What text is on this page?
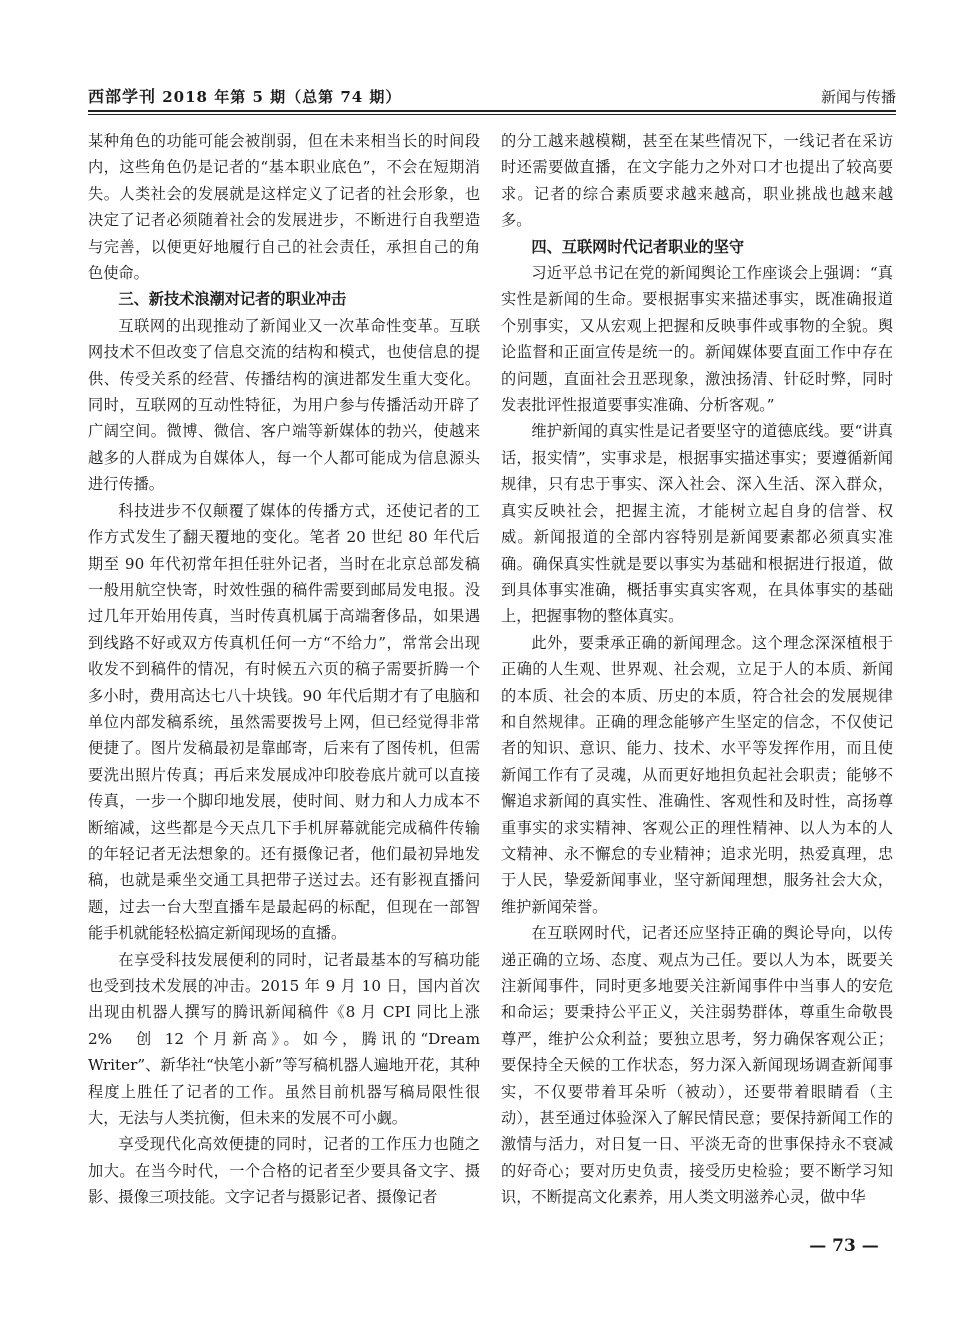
西部学刊 2018 年第 5 期（总第 74 期）	新闻与传播

某种角色的功能可能会被削弱，但在未来相当长的时间段内，这些角色仍是记者的“基本职业底色”，不会在短期消失。人类社会的发展就是这样定义了记者的社会形象，也决定了记者必须随着社会的发展进步，不断进行自我塑造与完善，以便更好地履行自己的社会责任，承担自己的角色使命。

三、新技术浪潮对记者的职业冲击

互联网的出现推动了新闻业又一次革命性变革。互联网技术不但改变了信息交流的结构和模式，也使信息的提供、传受关系的经营、传播结构的演进都发生重大变化。同时，互联网的互动性特征，为用户参与传播活动开辟了广阔空间。微博、微信、客户端等新媒体的勃兴，使越来越多的人群成为自媒体人，每一个人都可能成为信息源头进行传播。

科技进步不仅颠覆了媒体的传播方式，还使记者的工作方式发生了翻天覆地的变化。笔者 20 世纪 80 年代后期至 90 年代初常年担任驻外记者，当时在北京总部发稿一般用航空快寄，时效性强的稿件需要到邮局发电报。没过几年开始用传真，当时传真机属于高端奢侈品，如果遇到线路不好或双方传真机任何一方“不给力”，常常会出现收发不到稿件的情况，有时候五六页的稿子需要折腾一个多小时，费用高达七八十块钱。90 年代后期才有了电脑和单位内部发稿系统，虽然需要拨号上网，但已经觉得非常便捷了。图片发稿最初是靠邮寄，后来有了图传机，但需要洗出照片传真；再后来发展成冲印胶卷底片就可以直接传真，一步一个脚印地发展，使时间、财力和人力成本不断缩减，这些都是今天点几下手机屏幕就能完成稿件传输的年轻记者无法想象的。还有摄像记者，他们最初异地发稿，也就是乘坐交通工具把带子送过去。还有影视直播问题，过去一台大型直播车是最起码的标配，但现在一部智能手机就能轻松搞定新闻现场的直播。

在享受科技发展便利的同时，记者最基本的写稿功能也受到技术发展的冲击。2015 年 9 月 10 日，国内首次出现由机器人撰写的腾讯新闻稿件《8 月 CPI 同比上涨 2%　创 12 个月新高》。如今，腾讯的“Dream Writer”、新华社“快笔小新”等写稿机器人遍地开花，其种程度上胜任了记者的工作。虽然目前机器写稿局限性很大，无法与人类抗衡，但未来的发展不可小觑。

享受现代化高效便捷的同时，记者的工作压力也随之加大。在当今时代，一个合格的记者至少要具备文字、摄影、摄像三项技能。文字记者与摄影记者、摄像记者

的分工越来越模糊，甚至在某些情况下，一线记者在采访时还需要做直播，在文字能力之外对口才也提出了较高要求。记者的综合素质要求越来越高，职业挑战也越来越多。

四、互联网时代记者职业的坚守

习近平总书记在党的新闻舆论工作座谈会上强调：“真实性是新闻的生命。要根据事实来描述事实，既准确报道个别事实，又从宏观上把握和反映事件或事物的全貌。舆论监督和正面宣传是统一的。新闻媒体要直面工作中存在的问题，直面社会丑恶现象，激浊扬清、针砭时弊，同时发表批评性报道要事实准确、分析客观。”

维护新闻的真实性是记者要坚守的道德底线。要“讲真话，报实情”，实事求是，根据事实描述事实；要遵循新闻规律，只有忠于事实、深入社会、深入生活、深入群众，真实反映社会，把握主流，才能树立起自身的信誉、权威。新闻报道的全部内容特别是新闻要素都必须真实准确。确保真实性就是要以事实为基础和根据进行报道，做到具体事实准确，概括事实真实客观，在具体事实的基础上，把握事物的整体真实。

此外，要秉承正确的新闻理念。这个理念深深植根于正确的人生观、世界观、社会观，立足于人的本质、新闻的本质、社会的本质、历史的本质，符合社会的发展规律和自然规律。正确的理念能够产生坚定的信念，不仅使记者的知识、意识、能力、技术、水平等发挥作用，而且使新闻工作有了灵魂，从而更好地担负起社会职责；能够不懈追求新闻的真实性、准确性、客观性和及时性，高扬尊重事实的求实精神、客观公正的理性精神、以人为本的人文精神、永不懈怠的专业精神；追求光明，热爱真理，忠于人民，挚爱新闻事业，坚守新闻理想，服务社会大众，维护新闻荣誉。

在互联网时代，记者还应坚持正确的舆论导向，以传递正确的立场、态度、观点为己任。要以人为本，既要关注新闻事件，同时更多地要关注新闻事件中当事人的安危和命运；要秉持公平正义，关注弱势群体，尊重生命敬畏尊严，维护公众利益；要独立思考，努力确保客观公正；要保持全天候的工作状态，努力深入新闻现场调查新闻事实，不仅要带着耳朵听（被动），还要带着眼睛看（主动），甚至通过体验深入了解民情民意；要保持新闻工作的激情与活力，对日复一日、平淡无奇的世事保持永不衰减的好奇心；要对历史负责，接受历史检验；要不断学习知识，不断提高文化素养，用人类文明滋养心灵，做中华

— 73 —
